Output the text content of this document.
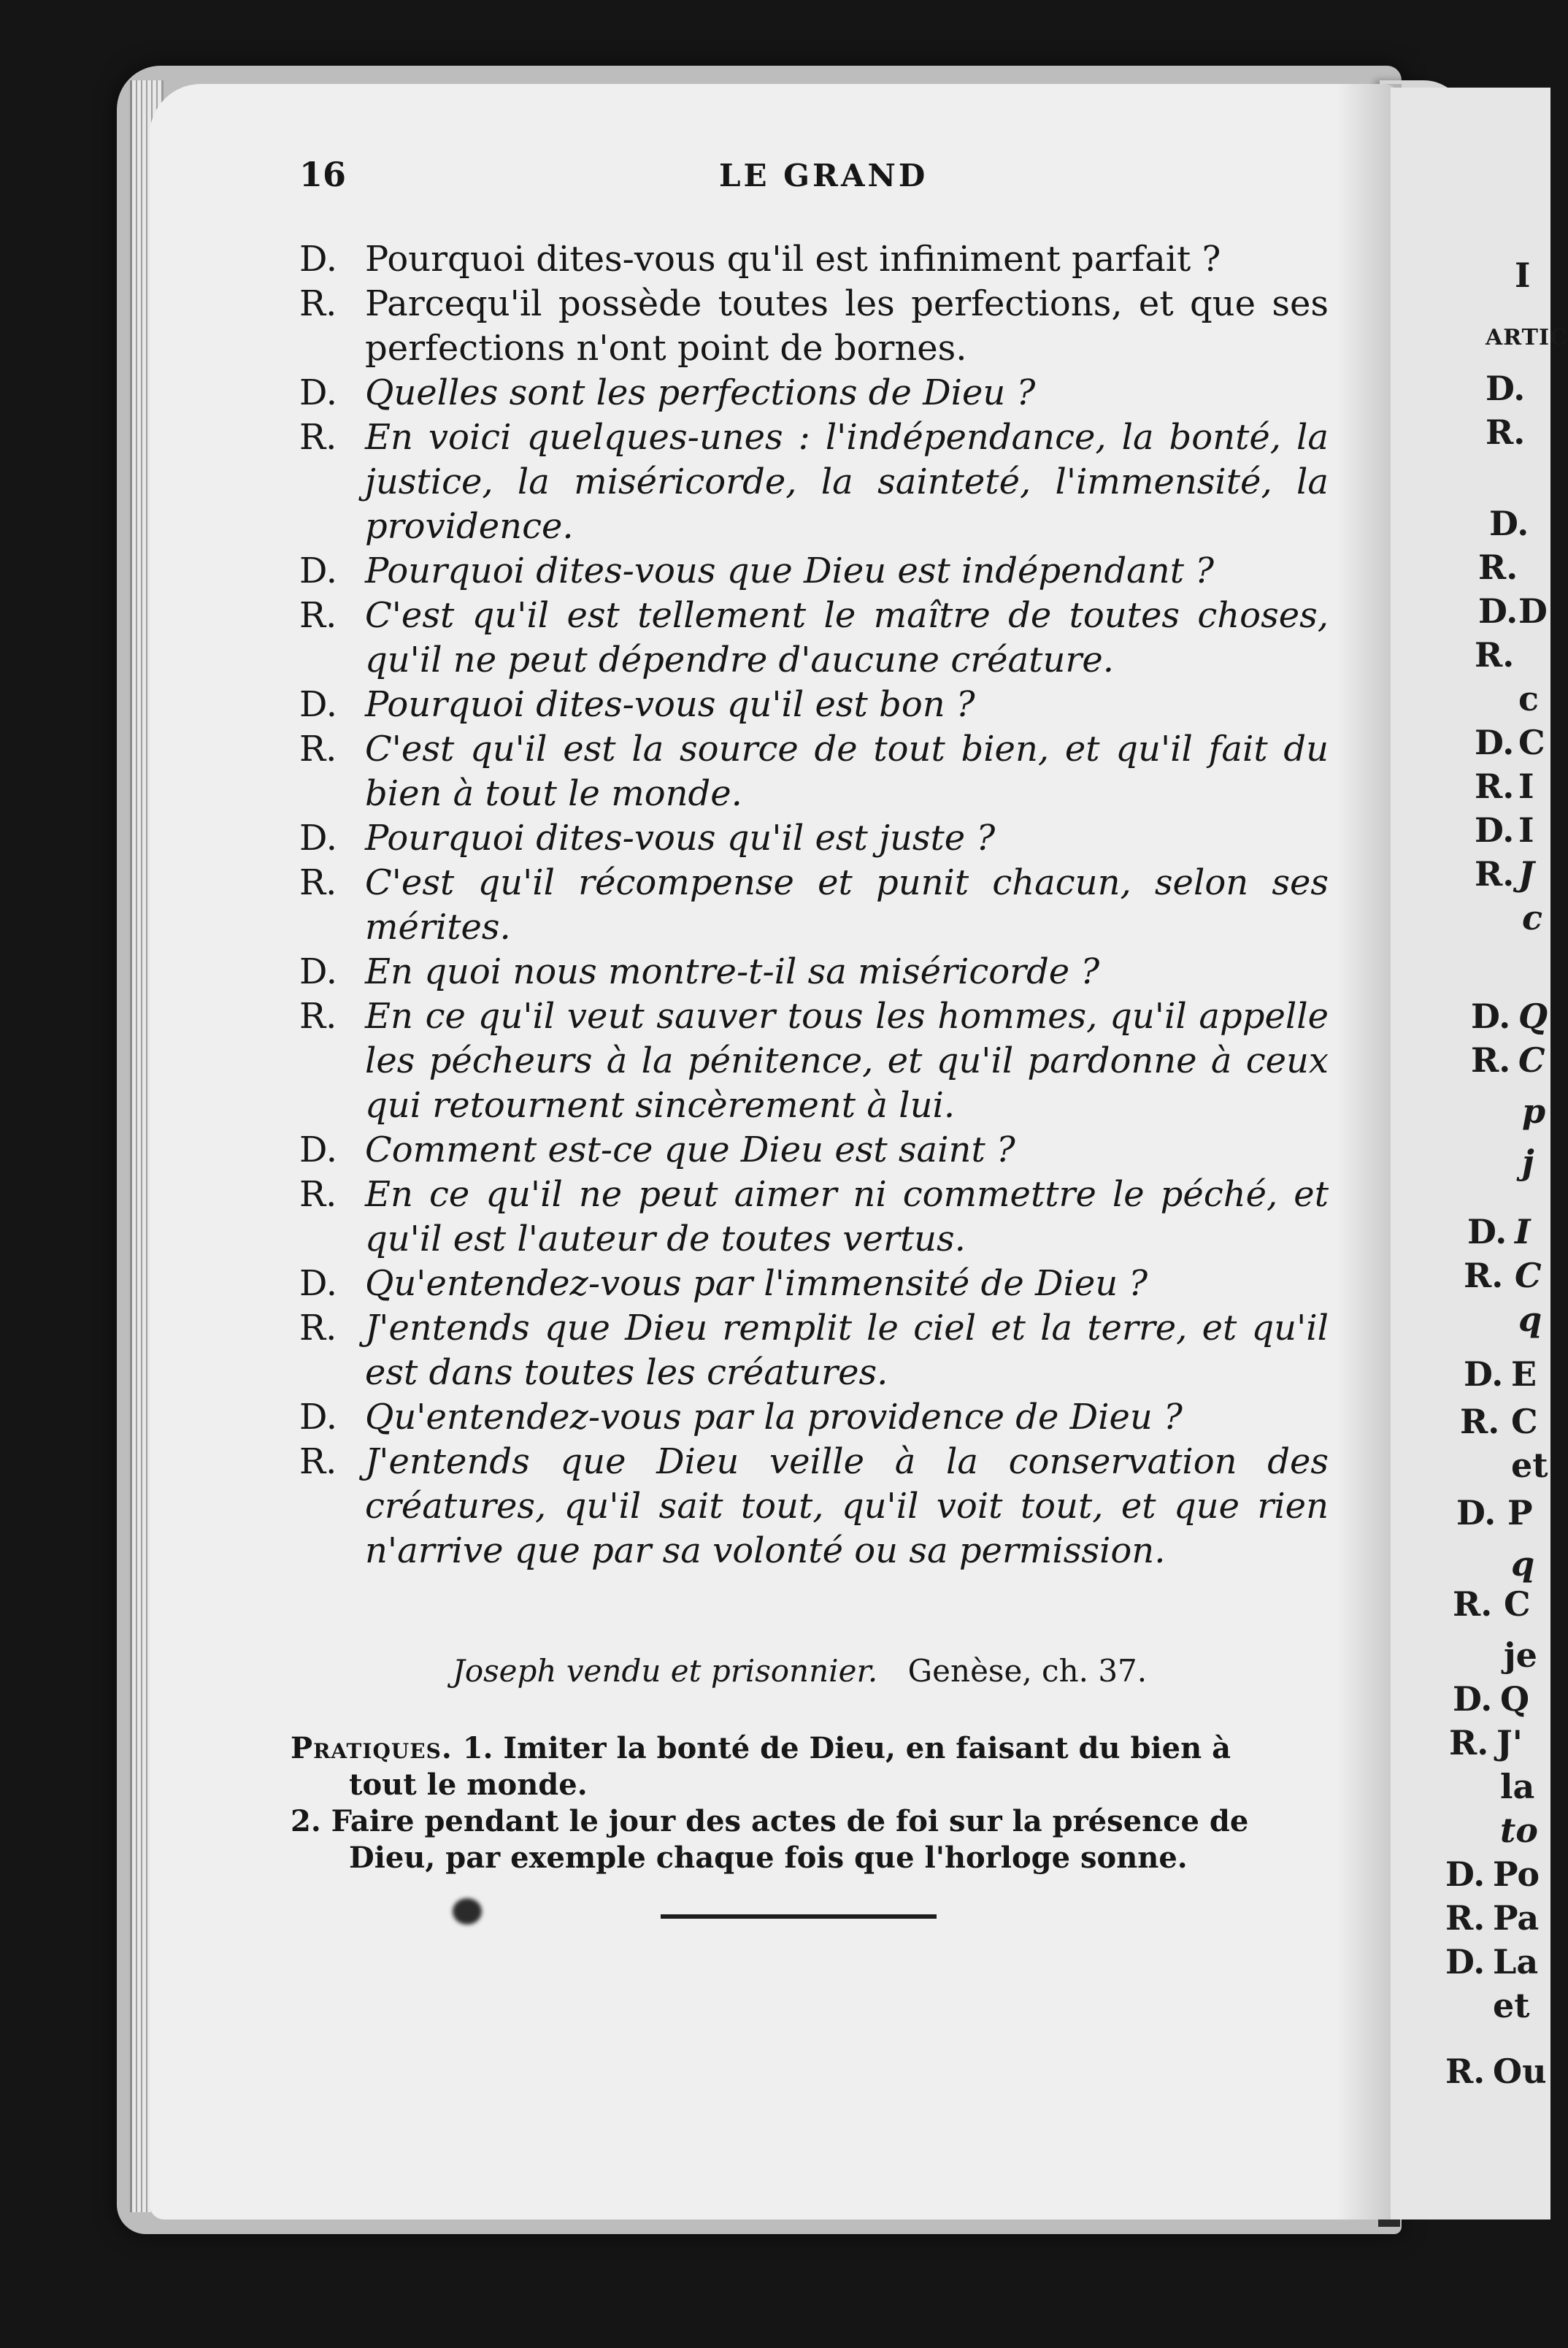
16	LE GRAND
D. Pourquoi dites-vous qu'il est infiniment parfait ?
R. Parcequ'il possède toutes les perfections, et que ses perfections n'ont point de bornes.
D. Quelles sont les perfections de Dieu ?
R. En voici quelques-unes : l'indépendance, la bonté, la justice, la miséricorde, la sainteté, l'immensité, la providence.
D. Pourquoi dites-vous que Dieu est indépendant ?
R. C'est qu'il est tellement le maître de toutes choses, qu'il ne peut dépendre d'aucune créature.
D. Pourquoi dites-vous qu'il est bon ?
R. C'est qu'il est la source de tout bien, et qu'il fait du bien à tout le monde.
D. Pourquoi dites-vous qu'il est juste ?
R. C'est qu'il récompense et punit chacun, selon ses mérites.
D. En quoi nous montre-t-il sa miséricorde ?
R. En ce qu'il veut sauver tous les hommes, qu'il appelle les pécheurs à la pénitence, et qu'il pardonne à ceux qui retournent sincèrement à lui.
D. Comment est-ce que Dieu est saint ?
R. En ce qu'il ne peut aimer ni commettre le péché, et qu'il est l'auteur de toutes vertus.
D. Qu'entendez-vous par l'immensité de Dieu ?
R. J'entends que Dieu remplit le ciel et la terre, et qu'il est dans toutes les créatures.
D. Qu'entendez-vous par la providence de Dieu ?
R. J'entends que Dieu veille à la conservation des créatures, qu'il sait tout, qu'il voit tout, et que rien n'arrive que par sa volonté ou sa permission.
Joseph vendu et prisonnier. Genèse, ch. 37.
Pratiques. 1. Imiter la bonté de Dieu, en faisant du bien à
tout le monde.
2. Faire pendant le jour des actes de foi sur la présence de
Dieu, par exemple chaque fois que l'horloge sonne.
I
ARTIC
D.
R.
D.
R.
D.
R.
D
c
D. C
R. I
D. I
R. J
c
D. Q
R. C
p
j
D. I
R. C
q
D. E
R. C
et
D. P
q
R. C
je
D. Q
R. J'
la
to
D. Po
R. Pa
D. La
et
R. Ou
